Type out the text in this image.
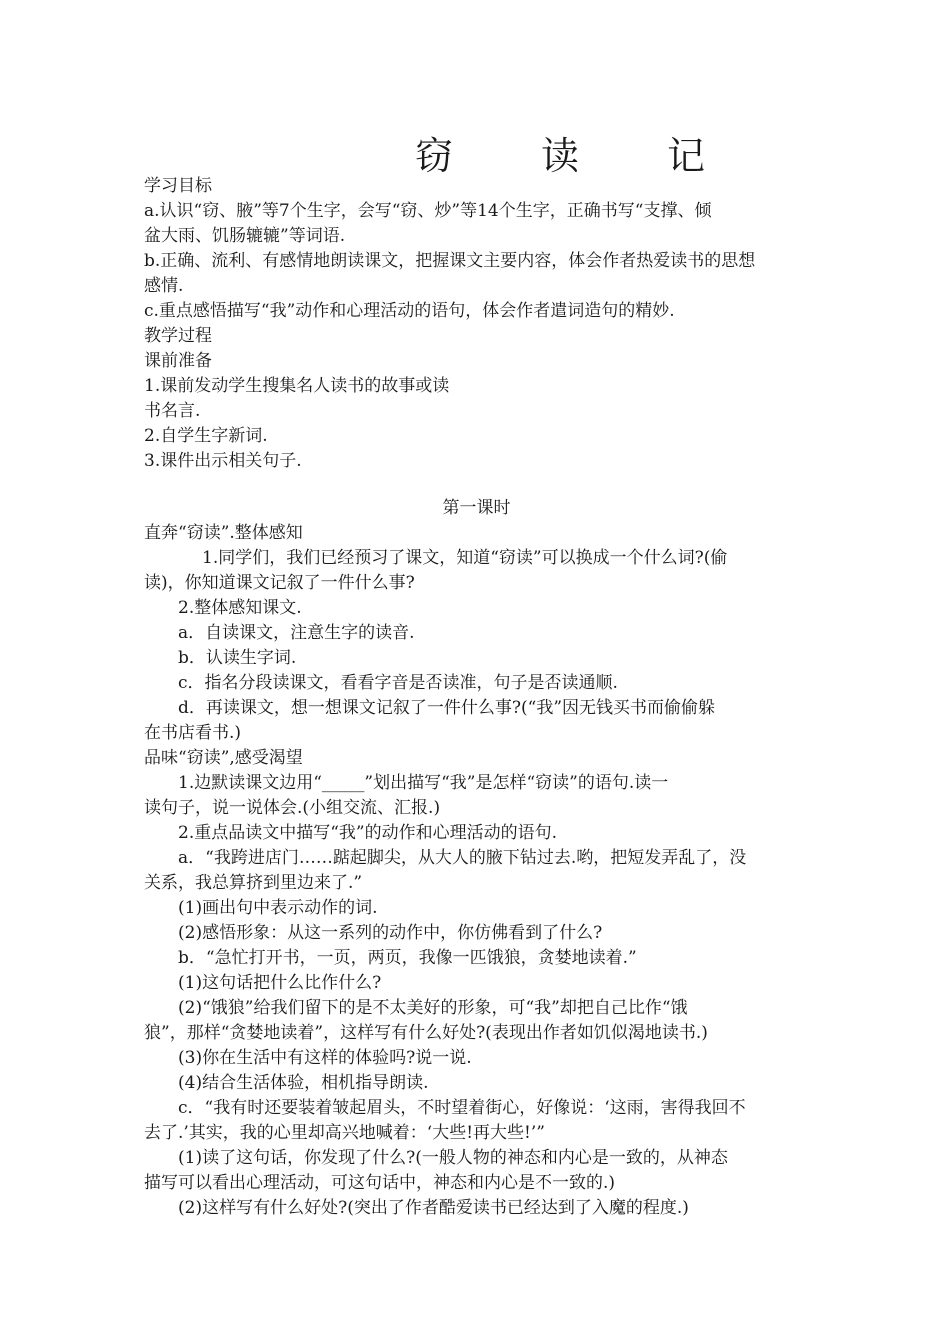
窃 读 记
学习目标
a.认识“窃、腋”等7个生字，会写“窃、炒”等14个生字，正确书写“支撑、倾
盆大雨、饥肠辘辘”等词语.
b.正确、流利、有感情地朗读课文，把握课文主要内容，体会作者热爱读书的思想
感情.
c.重点感悟描写“我”动作和心理活动的语句，体会作者遣词造句的精妙.
教学过程
课前准备
1.课前发动学生搜集名人读书的故事或读
书名言.
2.自学生字新词.
3.课件出示相关句子.
第一课时
直奔“窃读”.整体感知
1.同学们，我们已经预习了课文，知道“窃读”可以换成一个什么词?(偷
读)，你知道课文记叙了一件什么事?
2.整体感知课文.
a．自读课文，注意生字的读音.
b．认读生字词.
c．指名分段读课文，看看字音是否读准，句子是否读通顺.
d．再读课文，想一想课文记叙了一件什么事?(“我”因无钱买书而偷偷躲
在书店看书.)
品味“窃读”,感受渴望
1.边默读课文边用“_____”划出描写“我”是怎样“窃读”的语句.读一
读句子，说一说体会.(小组交流、汇报.)
2.重点品读文中描写“我”的动作和心理活动的语句.
a．“我跨进店门……踮起脚尖，从大人的腋下钻过去.哟，把短发弄乱了，没
关系，我总算挤到里边来了.”
(1)画出句中表示动作的词.
(2)感悟形象：从这一系列的动作中，你仿佛看到了什么?
b．“急忙打开书，一页，两页，我像一匹饿狼，贪婪地读着.”
(1)这句话把什么比作什么?
(2)“饿狼”给我们留下的是不太美好的形象，可“我”却把自己比作“饿
狼”，那样“贪婪地读着”，这样写有什么好处?(表现出作者如饥似渴地读书.)
(3)你在生活中有这样的体验吗?说一说.
(4)结合生活体验，相机指导朗读.
c．“我有时还要装着皱起眉头，不时望着街心，好像说：‘这雨，害得我回不
去了.’其实，我的心里却高兴地喊着：‘大些!再大些!’”
(1)读了这句话，你发现了什么?(一般人物的神态和内心是一致的，从神态
描写可以看出心理活动，可这句话中，神态和内心是不一致的.)
(2)这样写有什么好处?(突出了作者酷爱读书已经达到了入魔的程度.)
